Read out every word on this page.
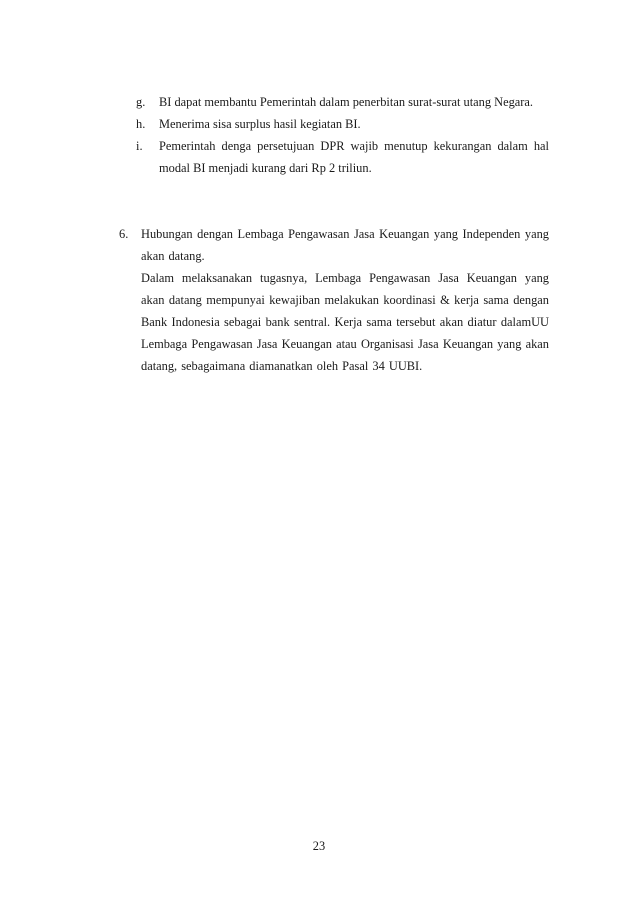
g. BI dapat membantu Pemerintah dalam penerbitan surat-surat utang Negara.
h. Menerima sisa surplus hasil kegiatan BI.
i. Pemerintah denga persetujuan DPR wajib menutup kekurangan dalam hal modal BI menjadi kurang dari Rp 2 triliun.
6. Hubungan dengan Lembaga Pengawasan Jasa Keuangan yang Independen yang akan datang.
Dalam melaksanakan tugasnya, Lembaga Pengawasan Jasa Keuangan yang akan datang mempunyai kewajiban melakukan koordinasi & kerja sama dengan Bank Indonesia sebagai bank sentral. Kerja sama tersebut akan diatur dalamUU Lembaga Pengawasan Jasa Keuangan atau Organisasi Jasa Keuangan yang akan datang, sebagaimana diamanatkan oleh Pasal 34 UUBI.
23
